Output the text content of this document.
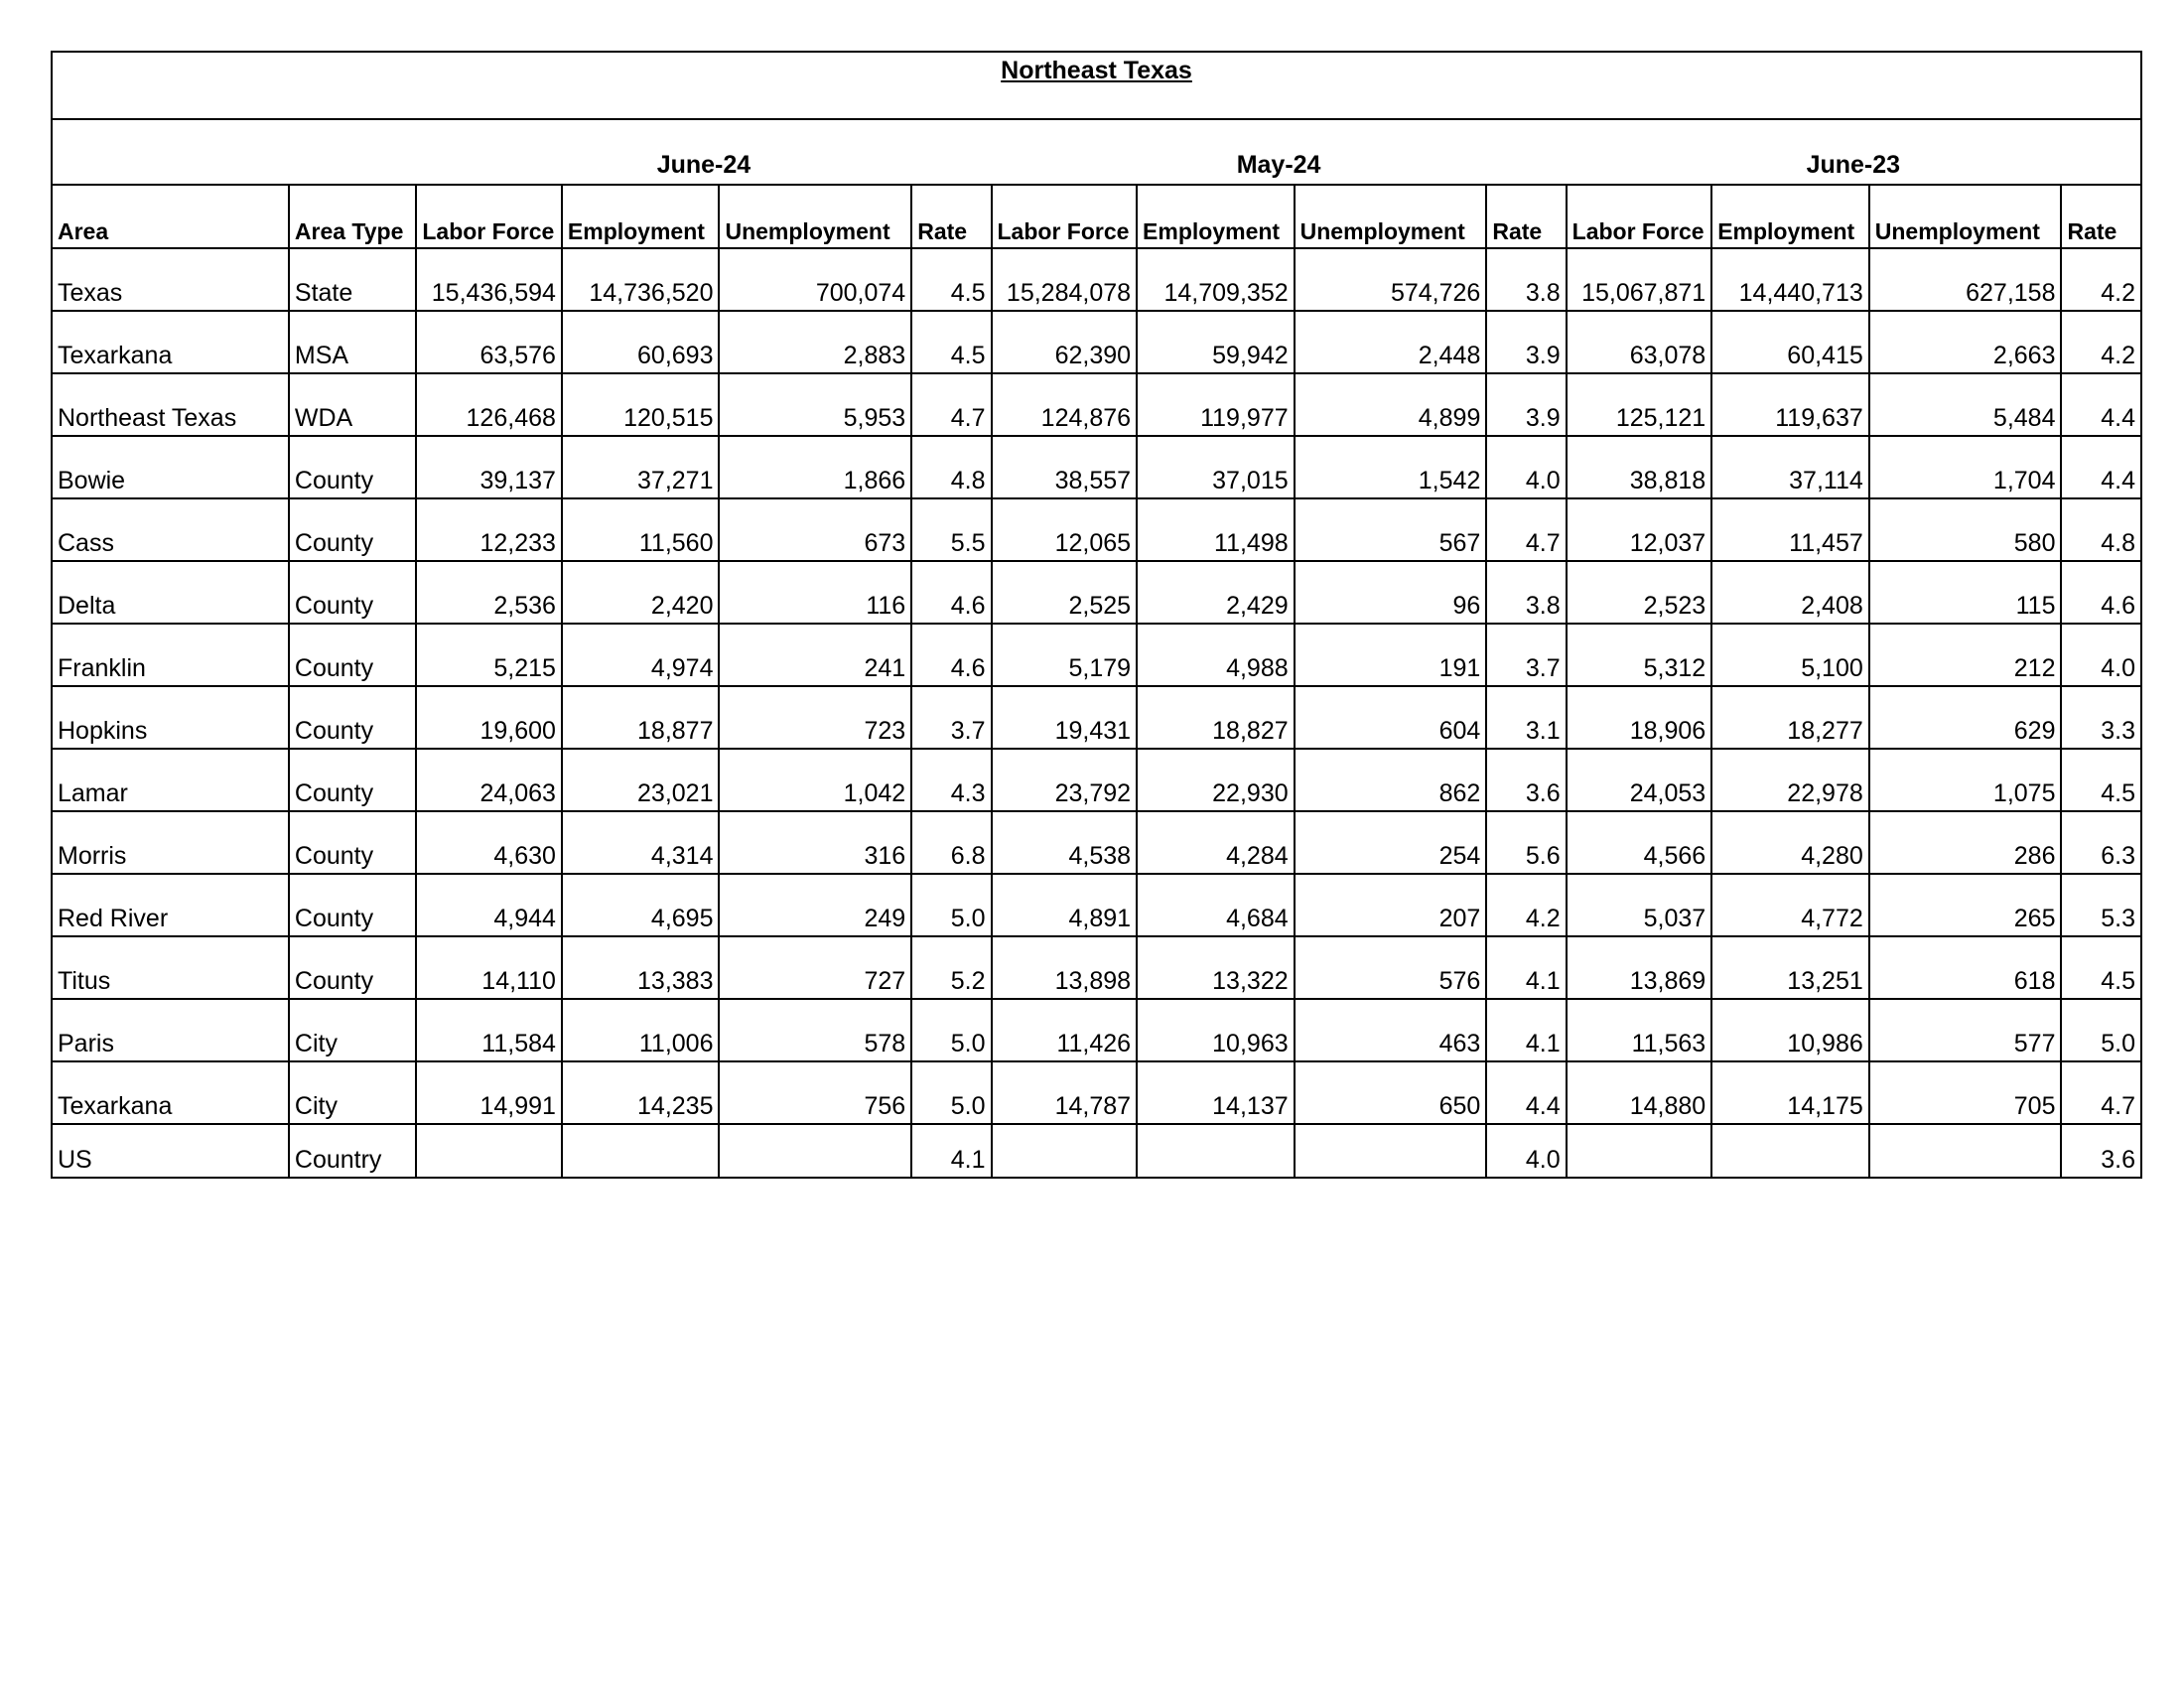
Northeast Texas													
		June-24				May-24				June-23			
Area	Area Type	Labor Force	Employment	Unemployment	Rate	Labor Force	Employment	Unemployment	Rate	Labor Force	Employment	Unemployment	Rate
Texas	State	15,436,594	14,736,520	700,074	4.5	15,284,078	14,709,352	574,726	3.8	15,067,871	14,440,713	627,158	4.2
Texarkana	MSA	63,576	60,693	2,883	4.5	62,390	59,942	2,448	3.9	63,078	60,415	2,663	4.2
Northeast Texas	WDA	126,468	120,515	5,953	4.7	124,876	119,977	4,899	3.9	125,121	119,637	5,484	4.4
Bowie	County	39,137	37,271	1,866	4.8	38,557	37,015	1,542	4.0	38,818	37,114	1,704	4.4
Cass	County	12,233	11,560	673	5.5	12,065	11,498	567	4.7	12,037	11,457	580	4.8
Delta	County	2,536	2,420	116	4.6	2,525	2,429	96	3.8	2,523	2,408	115	4.6
Franklin	County	5,215	4,974	241	4.6	5,179	4,988	191	3.7	5,312	5,100	212	4.0
Hopkins	County	19,600	18,877	723	3.7	19,431	18,827	604	3.1	18,906	18,277	629	3.3
Lamar	County	24,063	23,021	1,042	4.3	23,792	22,930	862	3.6	24,053	22,978	1,075	4.5
Morris	County	4,630	4,314	316	6.8	4,538	4,284	254	5.6	4,566	4,280	286	6.3
Red River	County	4,944	4,695	249	5.0	4,891	4,684	207	4.2	5,037	4,772	265	5.3
Titus	County	14,110	13,383	727	5.2	13,898	13,322	576	4.1	13,869	13,251	618	4.5
Paris	City	11,584	11,006	578	5.0	11,426	10,963	463	4.1	11,563	10,986	577	5.0
Texarkana	City	14,991	14,235	756	5.0	14,787	14,137	650	4.4	14,880	14,175	705	4.7
US	Country				4.1				4.0				3.6
